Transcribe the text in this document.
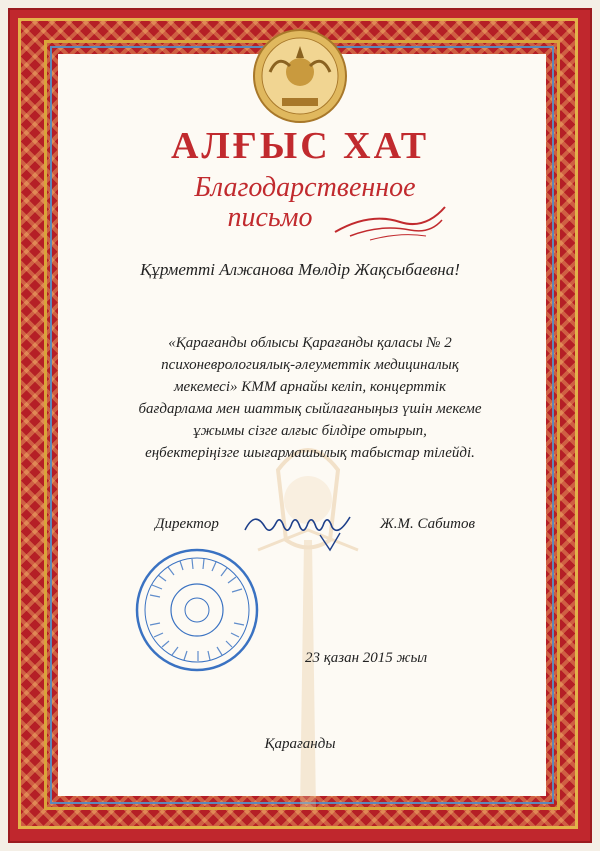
АЛҒЫС ХАТ
Благодарственное
письмо
Құрметті Алжанова Мөлдір Жақсыбаевна!
«Қарағанды облысы Қарағанды қаласы № 2
психоневрологиялық-әлеуметтік медициналық
мекемесі» КММ арнайы келіп, концерттік
бағдарлама мен шаттық сыйлағаныңыз үшін мекеме
ұжымы сізге алғыс білдіре отырып,
еңбектеріңізге шығармашылық табыстар тілейді.
Директор	Ж.М. Сабитов
23 қазан 2015 жыл
Қарағанды
